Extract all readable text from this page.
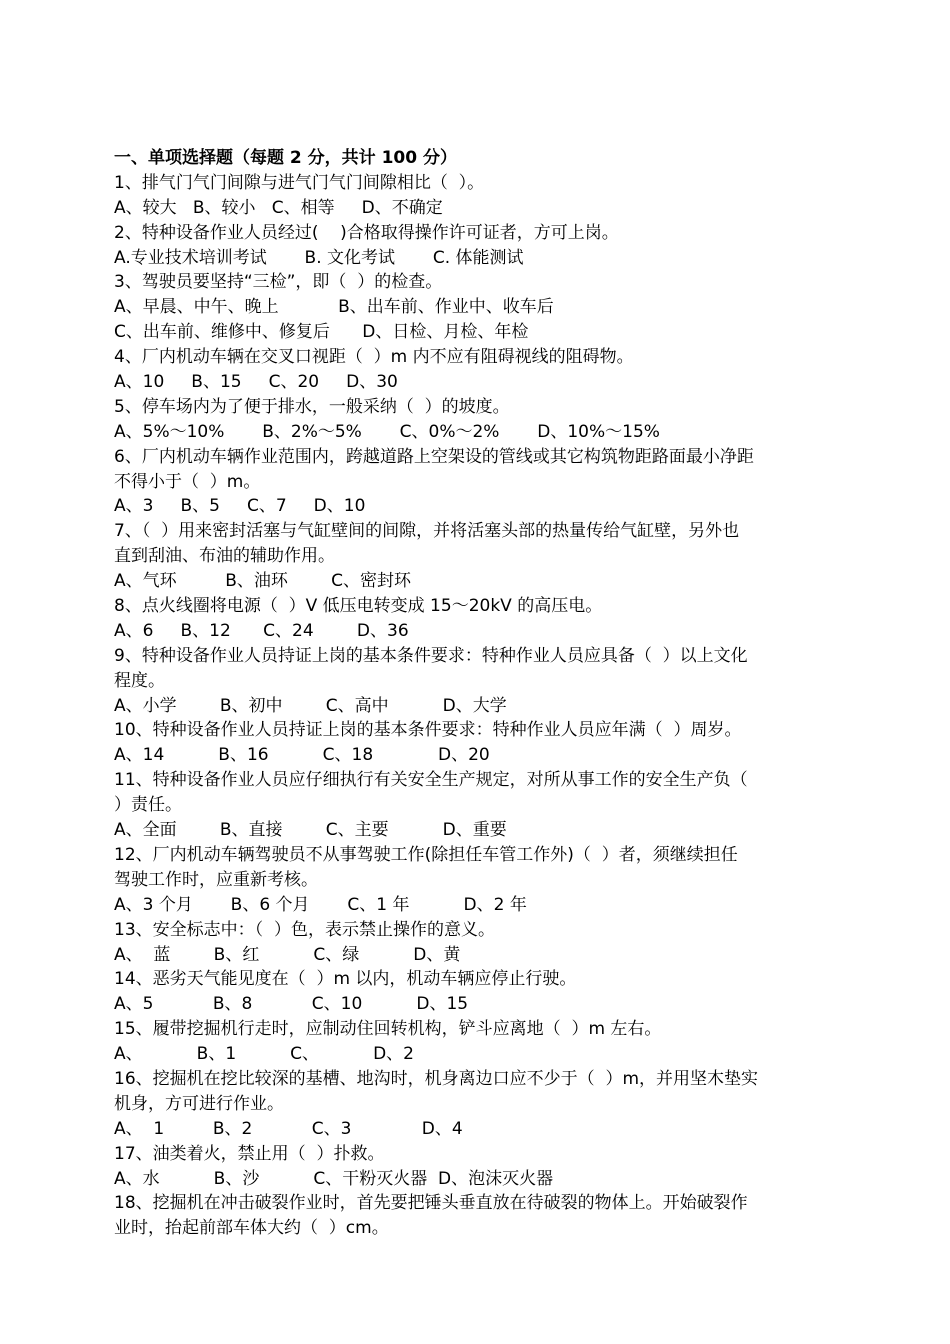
一、单项选择题（每题 2 分，共计 100 分）
1、排气门气门间隙与进气门气门间隙相比（  ）。
A、较大   B、较小   C、相等     D、不确定
2、特种设备作业人员经过(    )合格取得操作许可证者，方可上岗。
A.专业技术培训考试       B. 文化考试       C. 体能测试
3、驾驶员要坚持“三检”，即（  ）的检查。
A、早晨、中午、晚上           B、出车前、作业中、收车后
C、出车前、维修中、修复后      D、日检、月检、年检
4、厂内机动车辆在交叉口视距（  ）m 内不应有阻碍视线的阻碍物。
A、10     B、15     C、20     D、30
5、停车场内为了便于排水，一般采纳（  ）的坡度。
A、5%～10%       B、2%～5%       C、0%～2%       D、10%～15%
6、厂内机动车辆作业范围内，跨越道路上空架设的管线或其它构筑物距路面最小净距
不得小于（  ）m。
A、3     B、5     C、7     D、10
7、（  ）用来密封活塞与气缸壁间的间隙，并将活塞头部的热量传给气缸壁，另外也
直到刮油、布油的辅助作用。
A、气环         B、油环        C、密封环
8、点火线圈将电源（  ）V 低压电转变成 15～20kV 的高压电。
A、6     B、12      C、24        D、36
9、特种设备作业人员持证上岗的基本条件要求：特种作业人员应具备（  ）以上文化
程度。
A、小学        B、初中        C、高中          D、大学
10、特种设备作业人员持证上岗的基本条件要求：特种作业人员应年满（  ）周岁。
A、14          B、16          C、18            D、20
11、特种设备作业人员应仔细执行有关安全生产规定，对所从事工作的安全生产负（
）责任。
A、全面        B、直接        C、主要          D、重要
12、厂内机动车辆驾驶员不从事驾驶工作(除担任车管工作外)（  ）者，须继续担任
驾驶工作时，应重新考核。
A、3 个月       B、6 个月       C、1 年          D、2 年
13、安全标志中：（  ）色，表示禁止操作的意义。
A、  蓝        B、红          C、绿          D、黄
14、恶劣天气能见度在（  ）m 以内，机动车辆应停止行驶。
A、5           B、8           C、10          D、15
15、履带挖掘机行走时，应制动住回转机构，铲斗应离地（  ）m 左右。
A、          B、1          C、          D、2
16、挖掘机在挖比较深的基槽、地沟时，机身离边口应不少于（  ）m，并用坚木垫实
机身，方可进行作业。
A、  1         B、2           C、3             D、4
17、油类着火，禁止用（  ）扑救。
A、水          B、沙          C、干粉灭火器  D、泡沫灭火器
18、挖掘机在冲击破裂作业时，首先要把锤头垂直放在待破裂的物体上。开始破裂作
业时，抬起前部车体大约（  ）cm。
